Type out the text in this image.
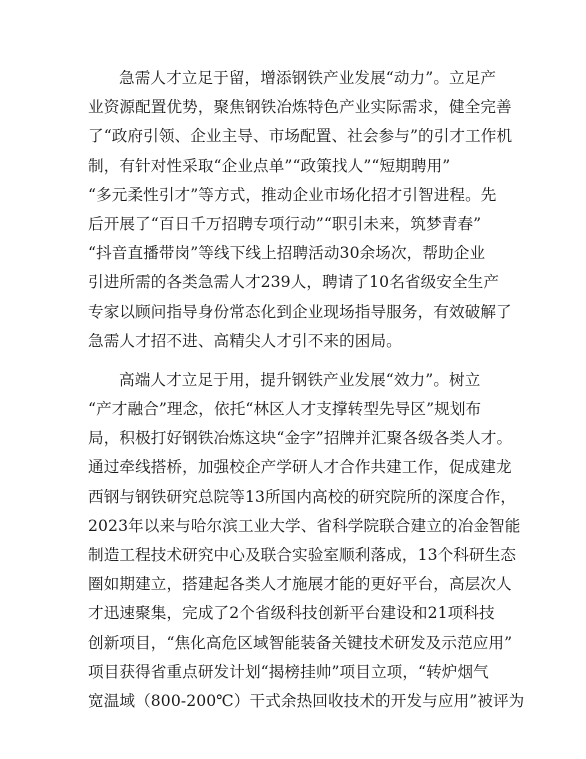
急需人才立足于留，增添钢铁产业发展“动力”。立足产
业资源配置优势，聚焦钢铁冶炼特色产业实际需求，健全完善
了“政府引领、企业主导、市场配置、社会参与”的引才工作机
制，有针对性采取“企业点单”“政策找人”“短期聘用”
“多元柔性引才”等方式，推动企业市场化招才引智进程。先
后开展了“百日千万招聘专项行动”“职引未来，筑梦青春”
“抖音直播带岗”等线下线上招聘活动30余场次，帮助企业
引进所需的各类急需人才239人，聘请了10名省级安全生产
专家以顾问指导身份常态化到企业现场指导服务，有效破解了
急需人才招不进、高精尖人才引不来的困局。
高端人才立足于用，提升钢铁产业发展“效力”。树立
“产才融合”理念，依托“林区人才支撑转型先导区”规划布
局，积极打好钢铁冶炼这块“金字”招牌并汇聚各级各类人才。
通过牵线搭桥，加强校企产学研人才合作共建工作，促成建龙
西钢与钢铁研究总院等13所国内高校的研究院所的深度合作，
2023年以来与哈尔滨工业大学、省科学院联合建立的冶金智能
制造工程技术研究中心及联合实验室顺利落成，13个科研生态
圈如期建立，搭建起各类人才施展才能的更好平台，高层次人
才迅速聚集，完成了2个省级科技创新平台建设和21项科技
创新项目，“焦化高危区域智能装备关键技术研发及示范应用”
项目获得省重点研发计划“揭榜挂帅”项目立项，“转炉烟气
宽温域（800-200℃）干式余热回收技术的开发与应用”被评为
